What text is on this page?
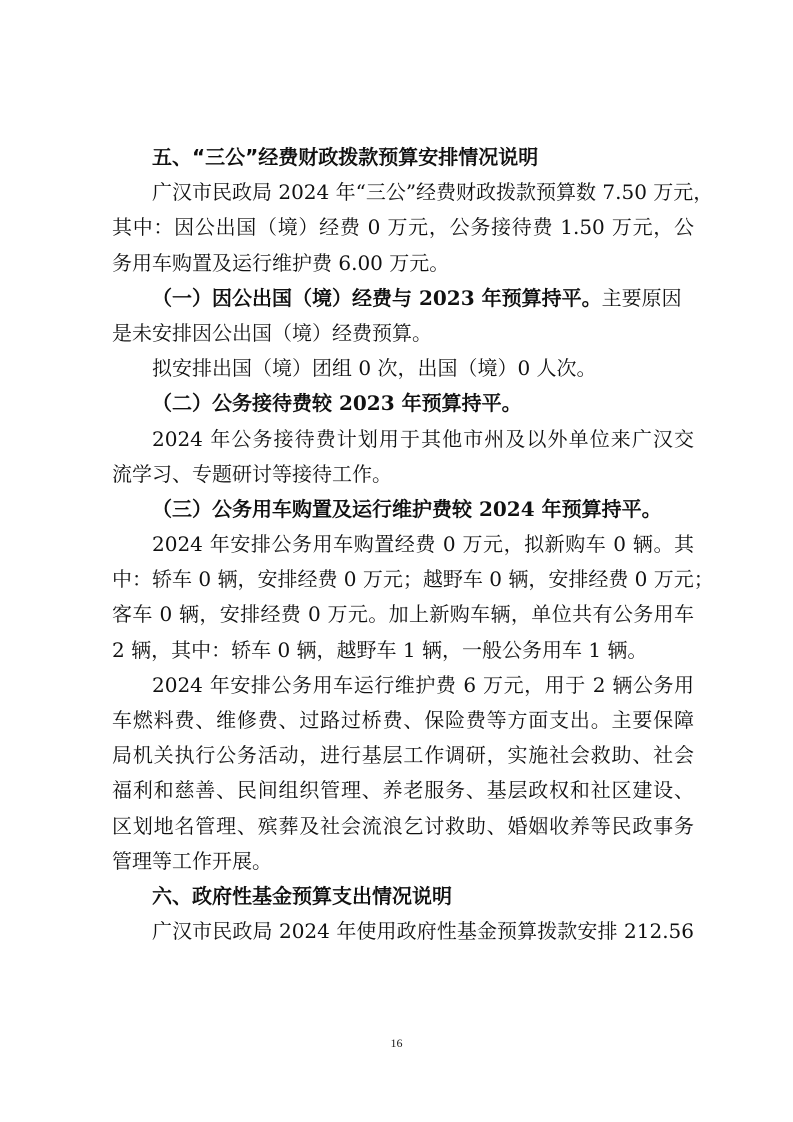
五、“三公”经费财政拨款预算安排情况说明
广汉市民政局 2024 年“三公”经费财政拨款预算数 7.50 万元，
其中：因公出国（境）经费 0 万元，公务接待费 1.50 万元，公
务用车购置及运行维护费 6.00 万元。
（一）因公出国（境）经费与 2023 年预算持平。主要原因
是未安排因公出国（境）经费预算。
拟安排出国（境）团组 0 次，出国（境）0 人次。
（二）公务接待费较 2023 年预算持平。
2024 年公务接待费计划用于其他市州及以外单位来广汉交
流学习、专题研讨等接待工作。
（三）公务用车购置及运行维护费较 2024 年预算持平。
2024 年安排公务用车购置经费 0 万元，拟新购车 0 辆。其
中：轿车 0 辆，安排经费 0 万元；越野车 0 辆，安排经费 0 万元；
客车 0 辆，安排经费 0 万元。加上新购车辆，单位共有公务用车
2 辆，其中：轿车 0 辆，越野车 1 辆，一般公务用车 1 辆。
2024 年安排公务用车运行维护费 6 万元，用于 2 辆公务用
车燃料费、维修费、过路过桥费、保险费等方面支出。主要保障
局机关执行公务活动，进行基层工作调研，实施社会救助、社会
福利和慈善、民间组织管理、养老服务、基层政权和社区建设、
区划地名管理、殡葬及社会流浪乞讨救助、婚姻收养等民政事务
管理等工作开展。
六、政府性基金预算支出情况说明
广汉市民政局 2024 年使用政府性基金预算拨款安排 212.56
16
